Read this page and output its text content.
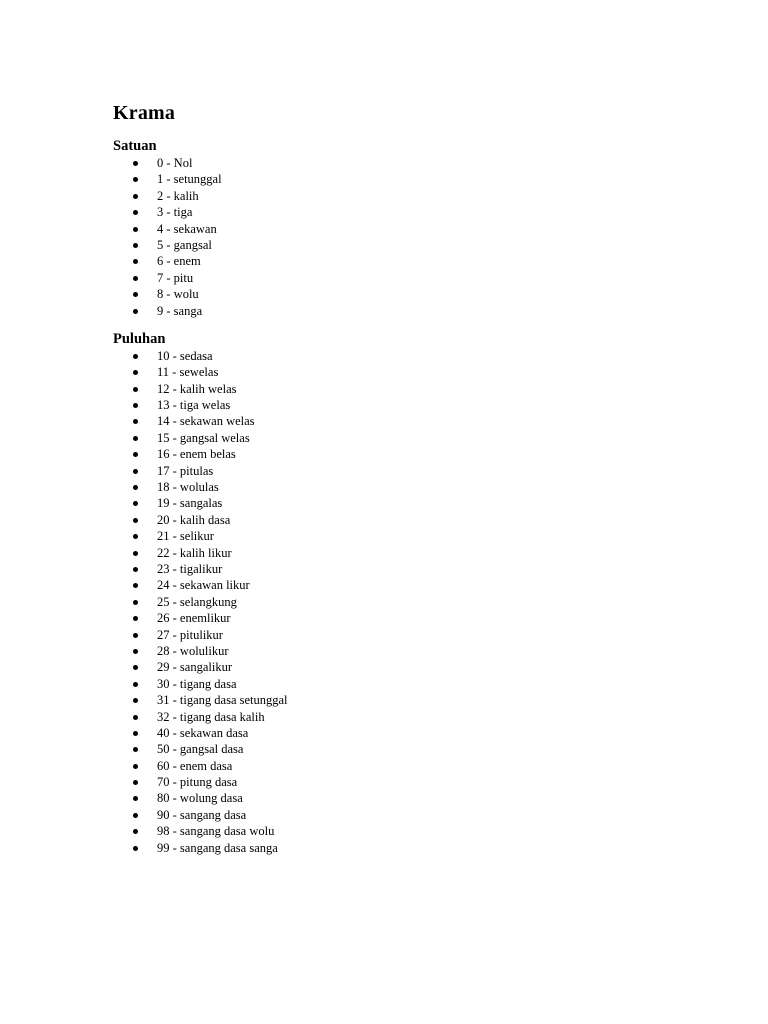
Krama
Satuan
0 - Nol
1 - setunggal
2 - kalih
3 - tiga
4 - sekawan
5 - gangsal
6 - enem
7 - pitu
8 - wolu
9 - sanga
Puluhan
10 - sedasa
11 - sewelas
12 - kalih welas
13 - tiga welas
14 - sekawan welas
15 - gangsal welas
16 - enem belas
17 - pitulas
18 - wolulas
19 - sangalas
20 - kalih dasa
21 - selikur
22 - kalih likur
23 - tigalikur
24 - sekawan likur
25 - selangkung
26 - enemlikur
27 - pitulikur
28 - wolulikur
29 - sangalikur
30 - tigang dasa
31 - tigang dasa setunggal
32 - tigang dasa kalih
40 - sekawan dasa
50 - gangsal dasa
60 - enem dasa
70 - pitung dasa
80 - wolung dasa
90 - sangang dasa
98 - sangang dasa wolu
99 - sangang dasa sanga
